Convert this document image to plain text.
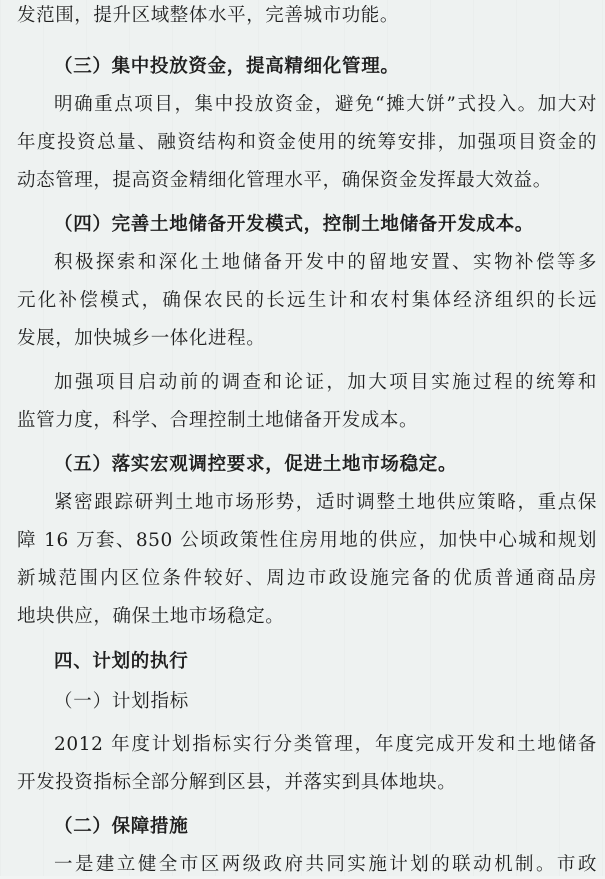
发范围，提升区域整体水平，完善城市功能。
（三）集中投放资金，提高精细化管理。
明确重点项目，集中投放资金，避免“摊大饼”式投入。加大对
年度投资总量、融资结构和资金使用的统筹安排，加强项目资金的
动态管理，提高资金精细化管理水平，确保资金发挥最大效益。
（四）完善土地储备开发模式，控制土地储备开发成本。
积极探索和深化土地储备开发中的留地安置、实物补偿等多
元化补偿模式，确保农民的长远生计和农村集体经济组织的长远
发展，加快城乡一体化进程。
加强项目启动前的调查和论证，加大项目实施过程的统筹和
监管力度，科学、合理控制土地储备开发成本。
（五）落实宏观调控要求，促进土地市场稳定。
紧密跟踪研判土地市场形势，适时调整土地供应策略，重点保
障 16 万套、850 公顷政策性住房用地的供应，加快中心城和规划
新城范围内区位条件较好、周边市政设施完备的优质普通商品房
地块供应，确保土地市场稳定。
四、计划的执行
（一）计划指标
2012 年度计划指标实行分类管理，年度完成开发和土地储备
开发投资指标全部分解到区县，并落实到具体地块。
（二）保障措施
一是建立健全市区两级政府共同实施计划的联动机制。市政
